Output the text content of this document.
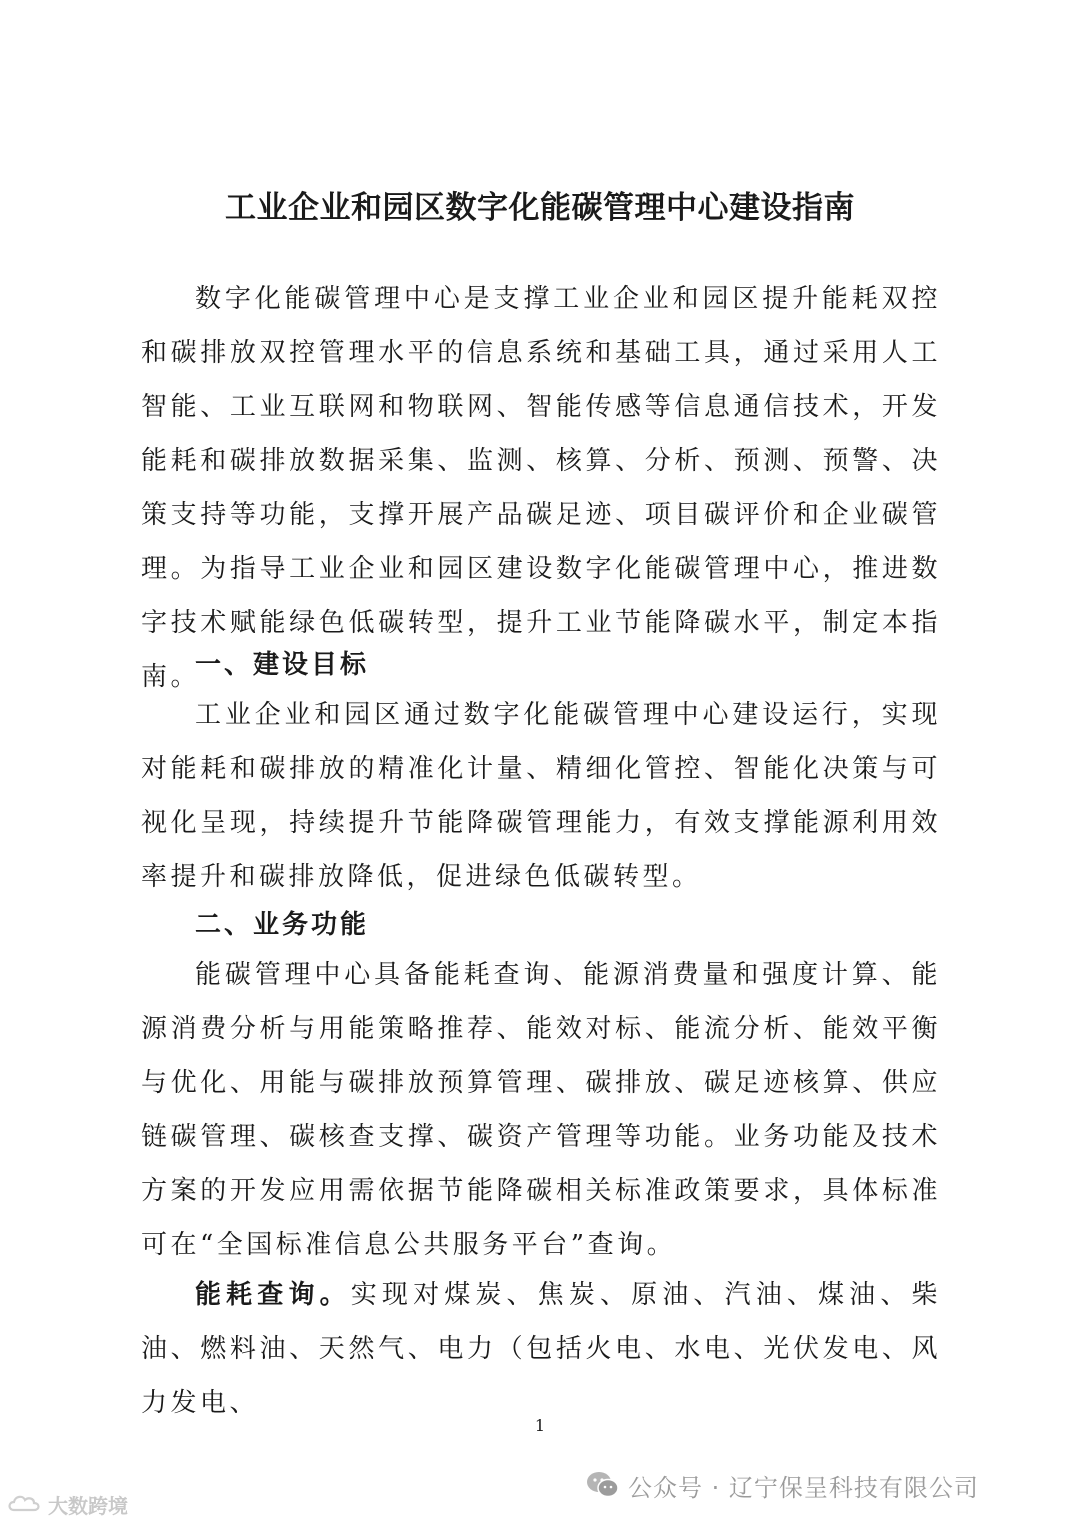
工业企业和园区数字化能碳管理中心建设指南

数字化能碳管理中心是支撑工业企业和园区提升能耗双控和碳排放双控管理水平的信息系统和基础工具，通过采用人工智能、工业互联网和物联网、智能传感等信息通信技术，开发能耗和碳排放数据采集、监测、核算、分析、预测、预警、决策支持等功能，支撑开展产品碳足迹、项目碳评价和企业碳管理。为指导工业企业和园区建设数字化能碳管理中心，推进数字技术赋能绿色低碳转型，提升工业节能降碳水平，制定本指南。

一、建设目标

工业企业和园区通过数字化能碳管理中心建设运行，实现对能耗和碳排放的精准化计量、精细化管控、智能化决策与可视化呈现，持续提升节能降碳管理能力，有效支撑能源利用效率提升和碳排放降低，促进绿色低碳转型。

二、业务功能

能碳管理中心具备能耗查询、能源消费量和强度计算、能源消费分析与用能策略推荐、能效对标、能流分析、能效平衡与优化、用能与碳排放预算管理、碳排放、碳足迹核算、供应链碳管理、碳核查支撑、碳资产管理等功能。业务功能及技术方案的开发应用需依据节能降碳相关标准政策要求，具体标准可在“全国标准信息公共服务平台”查询。

能耗查询。实现对煤炭、焦炭、原油、汽油、煤油、柴油、燃料油、天然气、电力（包括火电、水电、光伏发电、风力发电、

1

公众号 · 辽宁保呈科技有限公司
大数跨境
